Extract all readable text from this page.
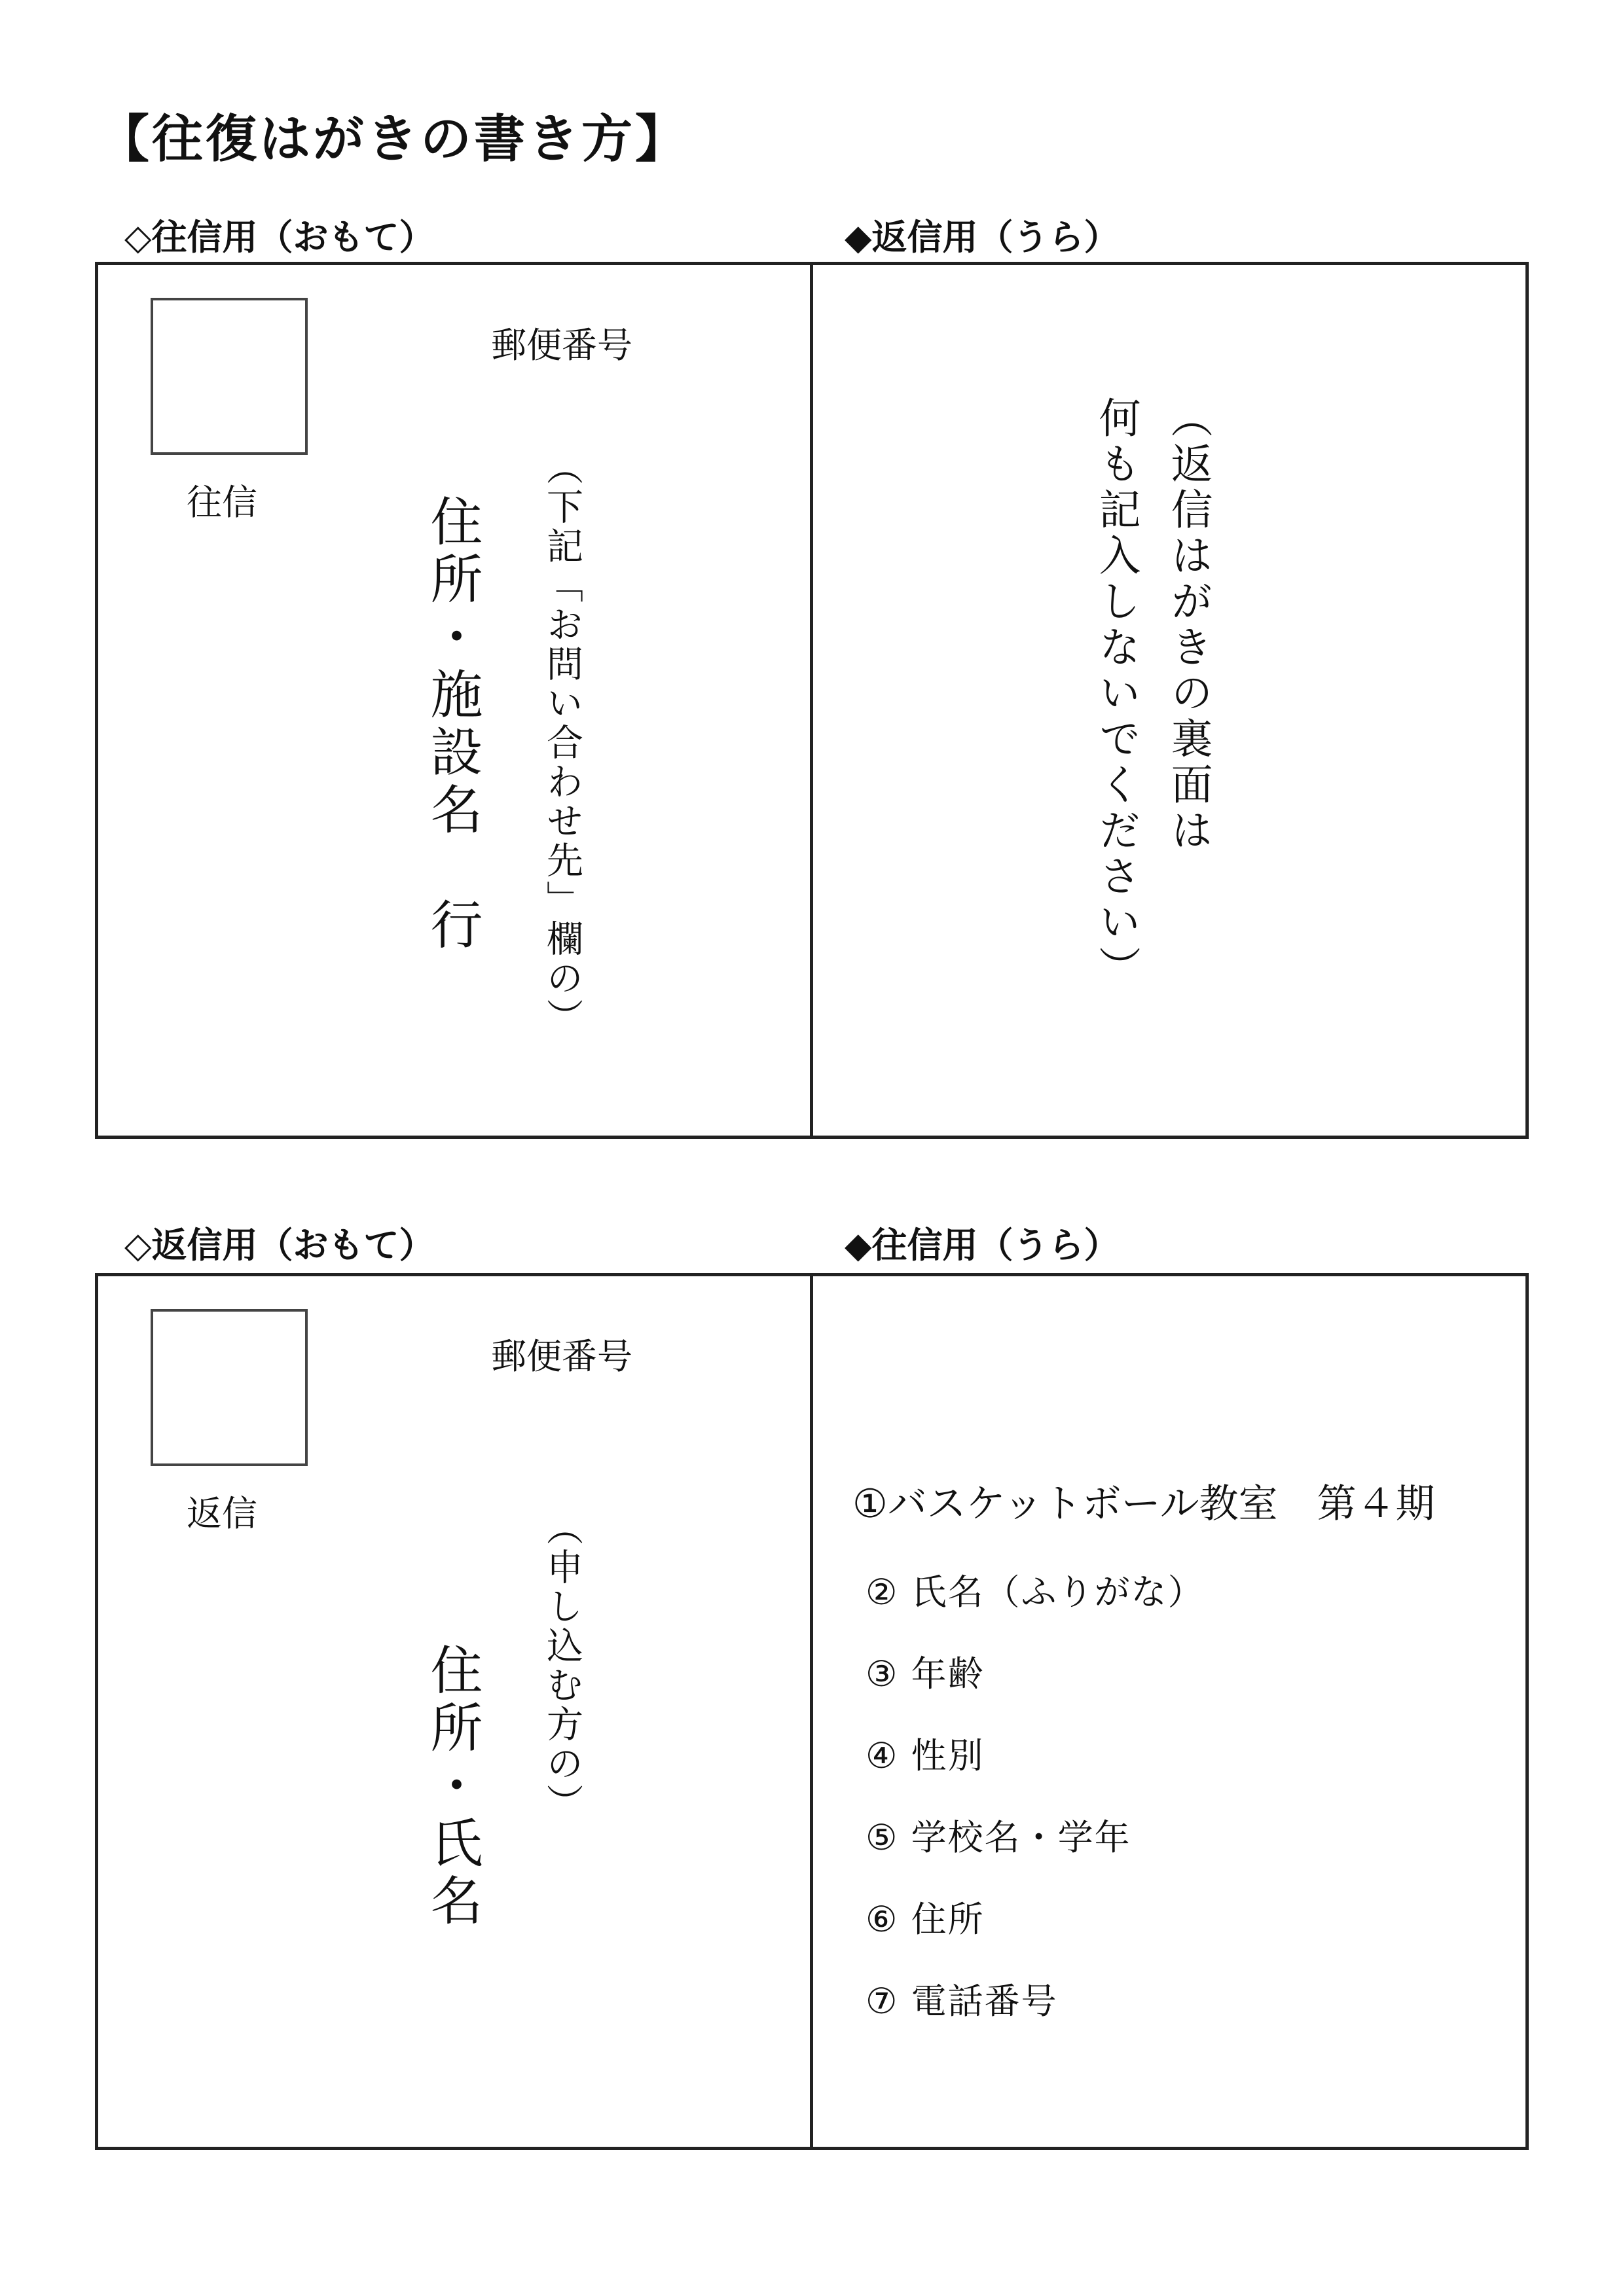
【往復はがきの書き方】
◇往信用（おもて）	◆返信用（うら）
往信
郵便番号
（下記「お問い合わせ先」欄の）
住所・施設名　行	何も記入しないでください） （返信はがきの裏面は
◇返信用（おもて）	◆往信用（うら）
返信
郵便番号
（申し込む方の）
住所・氏名
①バスケットボール教室　第４期
② 氏名（ふりがな）
③ 年齢
④ 性別
⑤ 学校名・学年
⑥ 住所
⑦ 電話番号
